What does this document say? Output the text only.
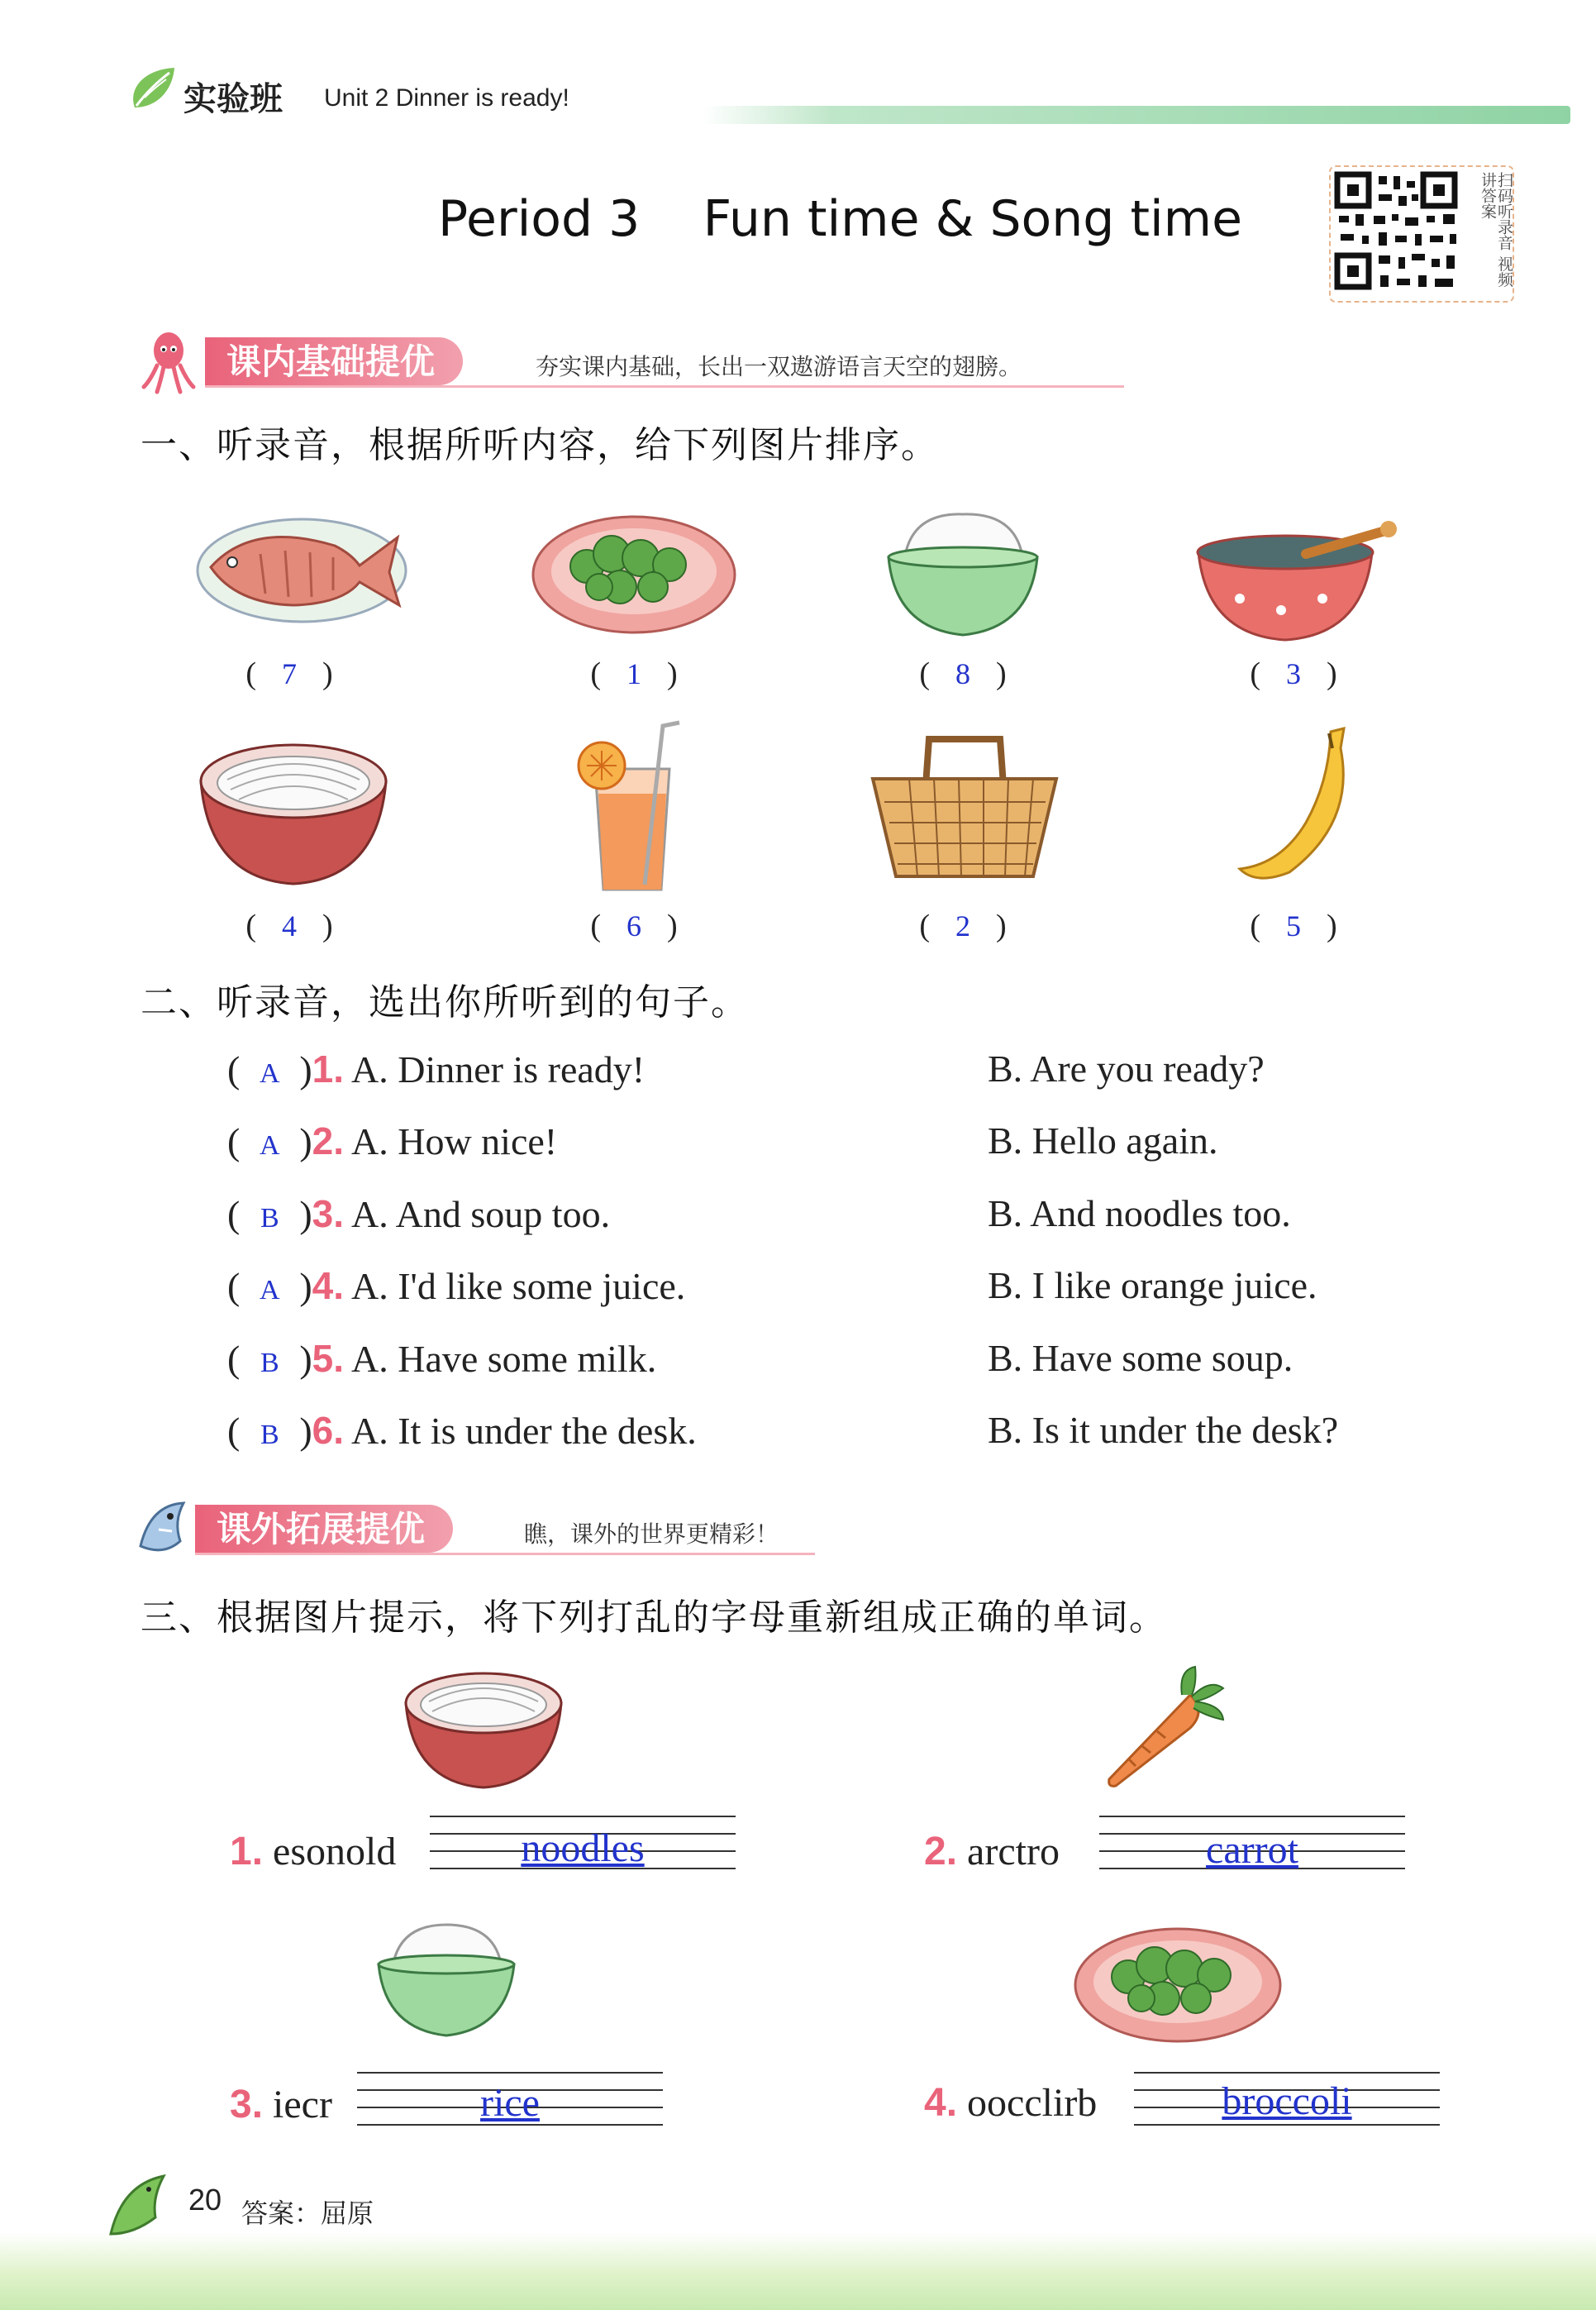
实验班 Unit 2 Dinner is ready!
Period 3    Fun time & Song time	扫码听录音 视频讲答案
课内基础提优	夯实课内基础，长出一双遨游语言天空的翅膀。
一、听录音，根据所听内容，给下列图片排序。
( 7 )	( 1 )	( 8 )	( 3 )
( 4 )	( 6 )	( 2 )	( 5 )
二、听录音，选出你所听到的句子。
( A )1. A. Dinner is ready!	B. Are you ready?
( A )2. A. How nice!	B. Hello again.
( B )3. A. And soup too.	B. And noodles too.
( A )4. A. I'd like some juice.	B. I like orange juice.
( B )5. A. Have some milk.	B. Have some soup.
( B )6. A. It is under the desk.	B. Is it under the desk?
课外拓展提优	瞧，课外的世界更精彩！
三、根据图片提示，将下列打乱的字母重新组成正确的单词。
1. esonold	noodles	2. arctro	carrot
3. iecr	rice	4. oocclirb	broccoli
20 答案：屈原
